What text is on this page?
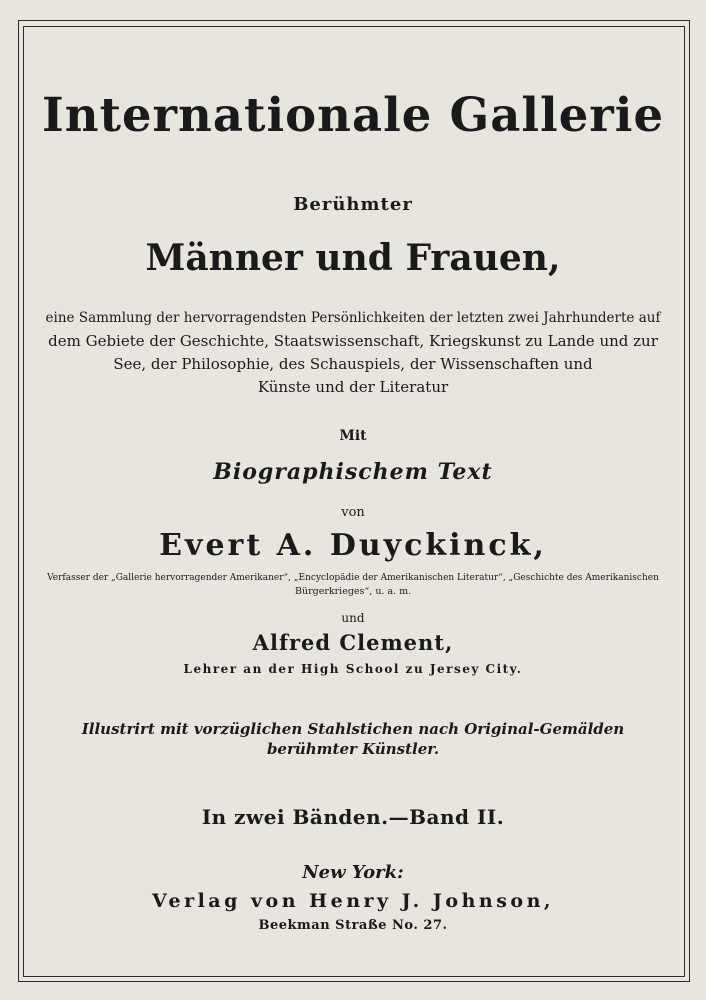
Internationale Gallerie
Berühmter
Männer und Frauen,
eine Sammlung der hervorragendsten Persönlichkeiten der letzten zwei Jahrhunderte auf
dem Gebiete der Geschichte, Staatswissenschaft, Kriegskunst zu Lande und zur
See, der Philosophie, des Schauspiels, der Wissenschaften und
Künste und der Literatur
Mit
Biographischem Text
von
Evert A. Duyckinck,
Verfasser der „Gallerie hervorragender Amerikaner“, „Encyclopädie der Amerikanischen Literatur“, „Geschichte des Amerikanischen
Bürgerkrieges“, u. a. m.
und
Alfred Clement,
Lehrer an der High School zu Jersey City.
Illustrirt mit vorzüglichen Stahlstichen nach Original-Gemälden
berühmter Künstler.
In zwei Bänden.—Band II.
New York:
Verlag von Henry J. Johnson,
Beekman Straße No. 27.
